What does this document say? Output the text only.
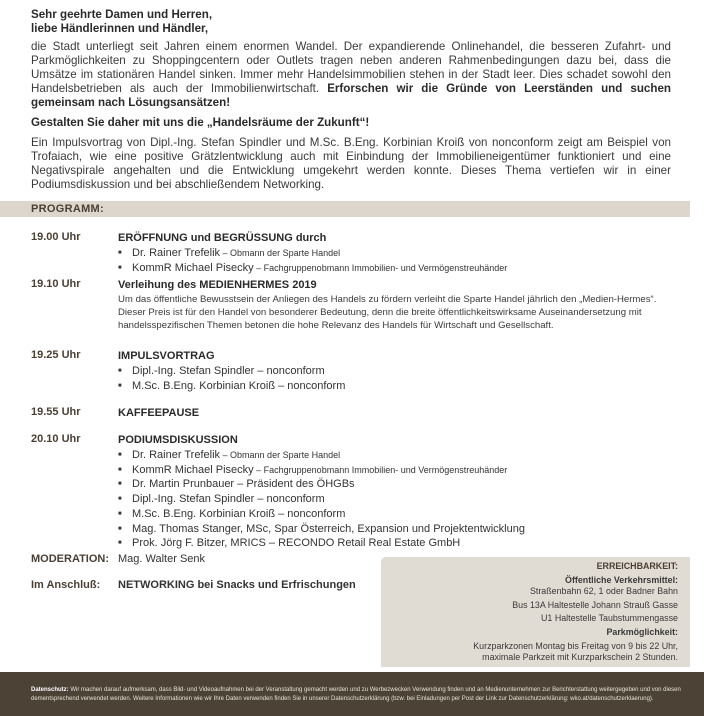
Sehr geehrte Damen und Herren,
liebe Händlerinnen und Händler,

die Stadt unterliegt seit Jahren einem enormen Wandel. Der expandierende Onlinehandel, die besseren Zufahrt- und Parkmöglichkeiten zu Shoppingcentern oder Outlets tragen neben anderen Rahmenbedingungen dazu bei, dass die Umsätze im stationären Handel sinken. Immer mehr Handelsimmobilien stehen in der Stadt leer. Dies schadet sowohl den Handelsbetrieben als auch der Immobilienwirtschaft. Erforschen wir die Gründe von Leerständen und suchen gemeinsam nach Lösungsansätzen!

Gestalten Sie daher mit uns die „Handelsräume der Zukunft“!

Ein Impulsvortrag von Dipl.-Ing. Stefan Spindler und M.Sc. B.Eng. Korbinian Kroiß von nonconform zeigt am Beispiel von Trofaiach, wie eine positive Grätzlentwicklung auch mit Einbindung der Immobilieneigentümer funktioniert und eine Negativspirale angehalten und die Entwicklung umgekehrt werden konnte. Dieses Thema vertiefen wir in einer Podiumsdiskussion und bei abschließendem Networking.

PROGRAMM:
19.00 Uhr	ERÖFFNUNG und BEGRÜSSUNG durch
■ Dr. Rainer Trefelik – Obmann der Sparte Handel
■ KommR Michael Pisecky – Fachgruppenobmann Immobilien- und Vermögenstreuhänder
19.10 Uhr	Verleihung des MEDIENHERMES 2019
Um das öffentliche Bewusstsein der Anliegen des Handels zu fördern verleiht die Sparte Handel jährlich den „Medien-Hermes“. Dieser Preis ist für den Handel von besonderer Bedeutung, denn die breite öffentlichkeitswirksame Auseinandersetzung mit handelsspezifischen Themen betonen die hohe Relevanz des Handels für Wirtschaft und Gesellschaft.
19.25 Uhr	IMPULSVORTRAG
■ Dipl.-Ing. Stefan Spindler – nonconform
■ M.Sc. B.Eng. Korbinian Kroiß – nonconform
19.55 Uhr	KAFFEEPAUSE
20.10 Uhr	PODIUMSDISKUSSION
■ Dr. Rainer Trefelik – Obmann der Sparte Handel
■ KommR Michael Pisecky – Fachgruppenobmann Immobilien- und Vermögenstreuhänder
■ Dr. Martin Prunbauer – Präsident des ÖHGBs
■ Dipl.-Ing. Stefan Spindler – nonconform
■ M.Sc. B.Eng. Korbinian Kroiß – nonconform
■ Mag. Thomas Stanger, MSc, Spar Österreich, Expansion und Projektentwicklung
■ Prok. Jörg F. Bitzer, MRICS – RECONDO Retail Real Estate GmbH
MODERATION: Mag. Walter Senk
Im Anschluß: NETWORKING bei Snacks und Erfrischungen
ERREICHBARKEIT:
Öffentliche Verkehrsmittel:
Straßenbahn 62, 1 oder Badner Bahn
Bus 13A Haltestelle Johann Strauß Gasse
U1 Haltestelle Taubstummengasse
Parkmöglichkeit:
Kurzparkzonen Montag bis Freitag von 9 bis 22 Uhr,
maximale Parkzeit mit Kurzparkschein 2 Stunden.
Datenschutz: Wir machen darauf aufmerksam, dass Bild- und Videoaufnahmen bei der Veranstaltung gemacht werden und zu Werbezwecken Verwendung finden und an Medienunternehmen zur Berichterstattung weitergegeben und von diesen dementsprechend verwendet werden. Weitere Informationen wie wir Ihre Daten verwenden finden Sie in unserer Datenschutzerklärung (bzw. bei Einladungen per Post der Link zur Datenschutzerklärung: wko.at/datenschutzerklaerung).
